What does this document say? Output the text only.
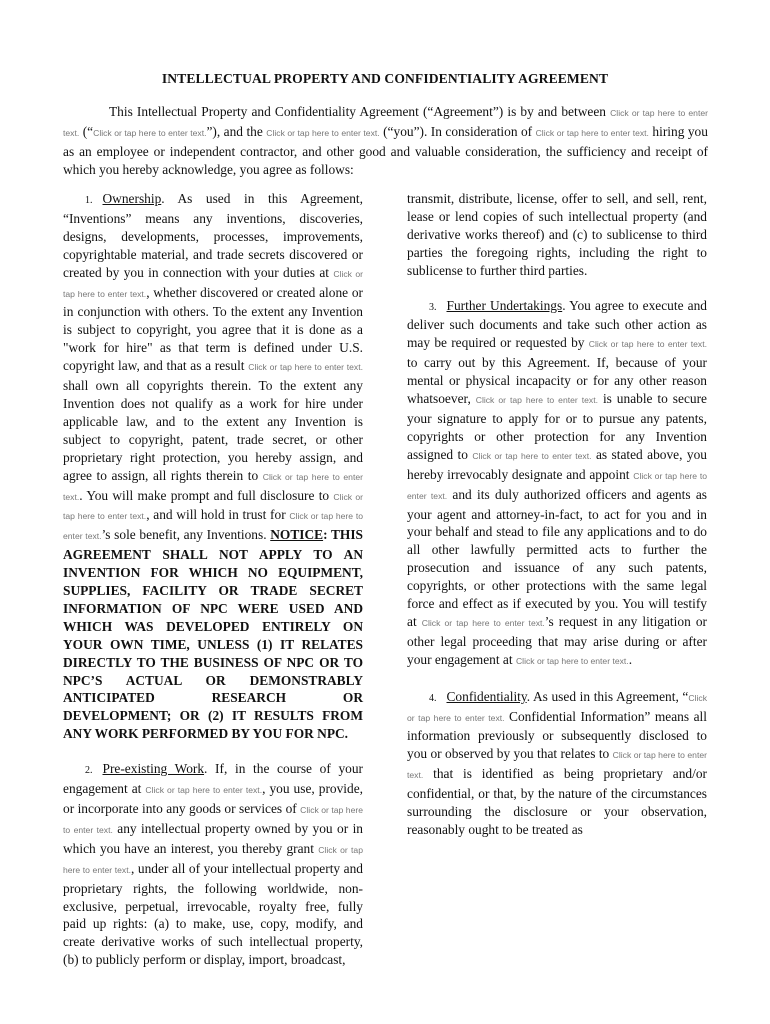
INTELLECTUAL PROPERTY AND CONFIDENTIALITY AGREEMENT
This Intellectual Property and Confidentiality Agreement (“Agreement”) is by and between Click or tap here to enter text. (“Click or tap here to enter text.”), and the Click or tap here to enter text. (“you”). In consideration of Click or tap here to enter text. hiring you as an employee or independent contractor, and other good and valuable consideration, the sufficiency and receipt of which you hereby acknowledge, you agree as follows:

1. Ownership. As used in this Agreement, “Inventions” means any inventions, discoveries, designs, developments, processes, improvements, copyrightable material, and trade secrets discovered or created by you in connection with your duties at Click or tap here to enter text., whether discovered or created alone or in conjunction with others. To the extent any Invention is subject to copyright, you agree that it is done as a "work for hire" as that term is defined under U.S. copyright law, and that as a result Click or tap here to enter text. shall own all copyrights therein. To the extent any Invention does not qualify as a work for hire under applicable law, and to the extent any Invention is subject to copyright, patent, trade secret, or other proprietary right protection, you hereby assign, and agree to assign, all rights therein to Click or tap here to enter text.. You will make prompt and full disclosure to Click or tap here to enter text., and will hold in trust for Click or tap here to enter text.’s sole benefit, any Inventions. NOTICE: THIS AGREEMENT SHALL NOT APPLY TO AN INVENTION FOR WHICH NO EQUIPMENT, SUPPLIES, FACILITY OR TRADE SECRET INFORMATION OF NPC WERE USED AND WHICH WAS DEVELOPED ENTIRELY ON YOUR OWN TIME, UNLESS (1) IT RELATES DIRECTLY TO THE BUSINESS OF NPC OR TO NPC’S ACTUAL OR DEMONSTRABLY ANTICIPATED RESEARCH OR DEVELOPMENT; OR (2) IT RESULTS FROM ANY WORK PERFORMED BY YOU FOR NPC.

2. Pre-existing Work. If, in the course of your engagement at Click or tap here to enter text., you use, provide, or incorporate into any goods or services of Click or tap here to enter text. any intellectual property owned by you or in which you have an interest, you thereby grant Click or tap here to enter text., under all of your intellectual property and proprietary rights, the following worldwide, non-exclusive, perpetual, irrevocable, royalty free, fully paid up rights: (a) to make, use, copy, modify, and create derivative works of such intellectual property, (b) to publicly perform or display, import, broadcast,

transmit, distribute, license, offer to sell, and sell, rent, lease or lend copies of such intellectual property (and derivative works thereof) and (c) to sublicense to third parties the foregoing rights, including the right to sublicense to further third parties.

3. Further Undertakings. You agree to execute and deliver such documents and take such other action as may be required or requested by Click or tap here to enter text. to carry out by this Agreement. If, because of your mental or physical incapacity or for any other reason whatsoever, Click or tap here to enter text. is unable to secure your signature to apply for or to pursue any patents, copyrights or other protection for any Invention assigned to Click or tap here to enter text. as stated above, you hereby irrevocably designate and appoint Click or tap here to enter text. and its duly authorized officers and agents as your agent and attorney-in-fact, to act for you and in your behalf and stead to file any applications and to do all other lawfully permitted acts to further the prosecution and issuance of any such patents, copyrights, or other protections with the same legal force and effect as if executed by you. You will testify at Click or tap here to enter text.’s request in any litigation or other legal proceeding that may arise during or after your engagement at Click or tap here to enter text..

4. Confidentiality. As used in this Agreement, “Click or tap here to enter text. Confidential Information” means all information previously or subsequently disclosed to you or observed by you that relates to Click or tap here to enter text. that is identified as being proprietary and/or confidential, or that, by the nature of the circumstances surrounding the disclosure or your observation, reasonably ought to be treated as
